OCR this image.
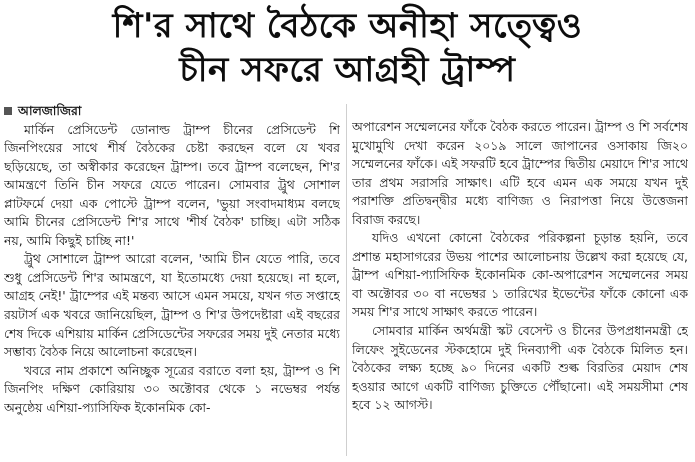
শি'র সাথে বৈঠকে অনীহা সত্ত্বেও
চীন সফরে আগ্রহী ট্রাম্প

আলজাজিরা

মার্কিন প্রেসিডেন্ট ডোনাল্ড ট্রাম্প চীনের প্রেসিডেন্ট শি জিনপিংয়ের সাথে শীর্ষ বৈঠকের চেষ্টা করছেন বলে যে খবর ছড়িয়েছে, তা অস্বীকার করেছেন ট্রাম্প। তবে ট্রাম্প বলেছেন, শি'র আমন্ত্রণে তিনি চীন সফরে যেতে পারেন। সোমবার ট্রুথ সোশাল প্লাটফর্মে দেয়া এক পোস্টে ট্রাম্প বলেন, 'ভুয়া সংবাদমাধ্যম বলছে আমি চীনের প্রেসিডেন্ট শি'র সাথে 'শীর্ষ বৈঠক' চাচ্ছি। এটা সঠিক নয়, আমি কিছুই চাচ্ছি না!'

ট্রুথ সোশালে ট্রাম্প আরো বলেন, 'আমি চীন যেতে পারি, তবে শুধু প্রেসিডেন্ট শি'র আমন্ত্রণে, যা ইতোমধ্যে দেয়া হয়েছে। না হলে, আগ্রহ নেই!' ট্রাম্পের এই মন্তব্য আসে এমন সময়ে, যখন গত সপ্তাহে রয়টার্স এক খবরে জানিয়েছিল, ট্রাম্প ও শি'র উপদেষ্টারা এই বছরের শেষ দিকে এশিয়ায় মার্কিন প্রেসিডেন্টের সফরের সময় দুই নেতার মধ্যে সম্ভাব্য বৈঠক নিয়ে আলোচনা করেছেন।

খবরে নাম প্রকাশে অনিচ্ছুক সূত্রের বরাতে বলা হয়, ট্রাম্প ও শি জিনপিং দক্ষিণ কোরিয়ায় ৩০ অক্টোবর থেকে ১ নভেম্বর পর্যন্ত অনুষ্ঠেয় এশিয়া-প্যাসিফিক ইকোনমিক কো-

অপারেশন সম্মেলনের ফাঁকে বৈঠক করতে পারেন। ট্রাম্প ও শি সর্বশেষ মুখোমুখি দেখা করেন ২০১৯ সালে জাপানের ওসাকায় জি২০ সম্মেলনের ফাঁকে। এই সফরটি হবে ট্রাম্পের দ্বিতীয় মেয়াদে শি'র সাথে তার প্রথম সরাসরি সাক্ষাৎ। এটি হবে এমন এক সময়ে যখন দুই পরাশক্তি প্রতিদ্বন্দ্বীর মধ্যে বাণিজ্য ও নিরাপত্তা নিয়ে উত্তেজনা বিরাজ করছে।

যদিও এখনো কোনো বৈঠকের পরিকল্পনা চূড়ান্ত হয়নি, তবে প্রশান্ত মহাসাগরের উভয় পাশের আলোচনায় উল্লেখ করা হয়েছে যে, ট্রাম্প এশিয়া-প্যাসিফিক ইকোনমিক কো-অপারেশন সম্মেলনের সময় বা অক্টোবর ৩০ বা নভেম্বর ১ তারিখের ইভেন্টের ফাঁকে কোনো এক সময় শি'র সাথে সাক্ষাৎ করতে পারেন।

সোমবার মার্কিন অর্থমন্ত্রী স্কট বেসেন্ট ও চীনের উপপ্রধানমন্ত্রী হে লিফেং সুইডেনের স্টকহোমে দুই দিনব্যাপী এক বৈঠকে মিলিত হন। বৈঠকের লক্ষ্য হচ্ছে ৯০ দিনের একটি শুল্ক বিরতির মেয়াদ শেষ হওয়ার আগে একটি বাণিজ্য চুক্তিতে পৌঁছানো। এই সময়সীমা শেষ হবে ১২ আগস্ট।
